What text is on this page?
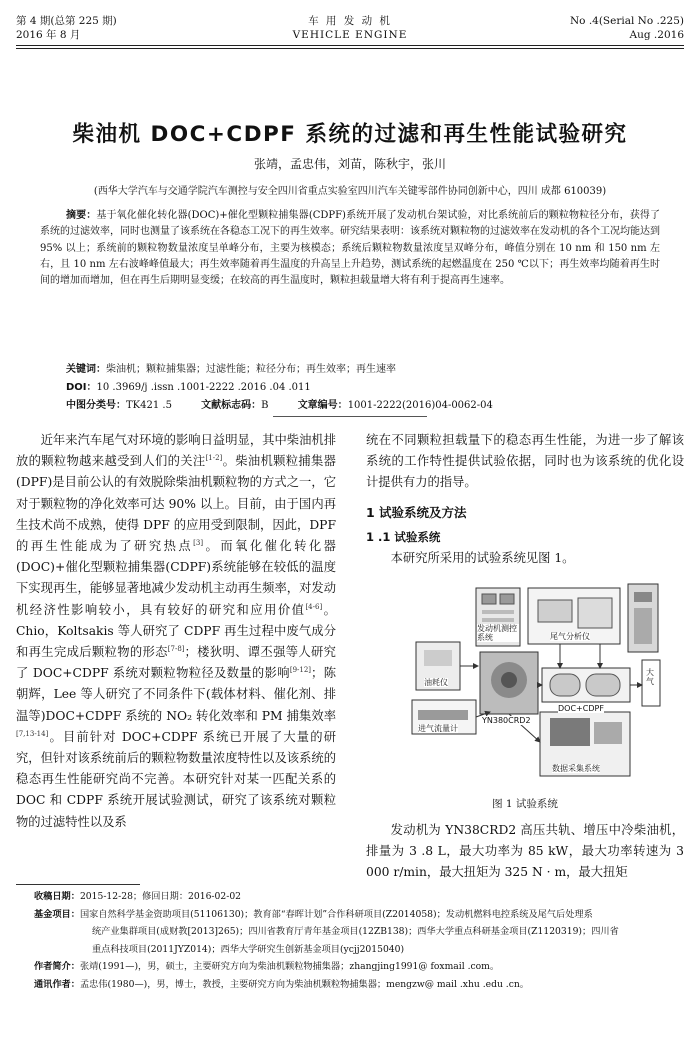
第 4 期(总第 225 期)
2016 年 8 月
车 用 发 动 机
VEHICLE ENGINE
No .4(Serial No .225)
Aug .2016
柴油机 DOC+CDPF 系统的过滤和再生性能试验研究
张靖，孟忠伟，刘苗，陈秋宇，张川
(西华大学汽车与交通学院汽车测控与安全四川省重点实验室四川汽车关键零部件协同创新中心，四川 成都 610039)
摘要：基于氧化催化转化器(DOC)+催化型颗粒捕集器(CDPF)系统开展了发动机台架试验，对比系统前后的颗粒物粒径分布，获得了系统的过滤效率，同时也测量了该系统在各稳态工况下的再生效率。研究结果表明：该系统对颗粒物的过滤效率在发动机的各个工况均能达到 95% 以上；系统前的颗粒物数量浓度呈单峰分布，主要为核模态；系统后颗粒物数量浓度呈双峰分布，峰值分别在 10 nm 和 150 nm 左右，且 10 nm 左右波峰峰值最大；再生效率随着再生温度的升高呈上升趋势，测试系统的起燃温度在 250 ℃以下；再生效率均随着再生时间的增加而增加，但在再生后期明显变缓；在较高的再生温度时，颗粒担载量增大将有利于提高再生速率。
关键词：柴油机；颗粒捕集器；过滤性能；粒径分布；再生效率；再生速率
DOI：10 .3969/j .issn .1001-2222 .2016 .04 .011
中图分类号：TK421 .5	文献标志码：B	文章编号：1001-2222(2016)04-0062-04

近年来汽车尾气对环境的影响日益明显，其中柴油机排放的颗粒物越来越受到人们的关注[1-2]。柴油机颗粒捕集器(DPF)是目前公认的有效脱除柴油机颗粒物的方式之一，它对于颗粒物的净化效率可达 90% 以上。目前，由于国内再生技术尚不成熟，使得 DPF 的应用受到限制，因此，DPF 的再生性能成为了研究热点[3]。而氧化催化转化器(DOC)+催化型颗粒捕集器(CDPF)系统能够在较低的温度下实现再生，能够显著地减少发动机主动再生频率，对发动机经济性影响较小，具有较好的研究和应用价值[4-6]。Chio，Koltsakis 等人研究了 CDPF 再生过程中废气成分和再生完成后颗粒物的形态[7-8]；楼狄明、谭丕强等人研究了 DOC+CDPF 系统对颗粒物粒径及数量的影响[9-12]；陈朝辉，Lee 等人研究了不同条件下(载体材料、催化剂、排温等)DOC+CDPF 系统的 NO₂ 转化效率和 PM 捕集效率[7,13-14]。目前针对 DOC+CDPF 系统已开展了大量的研究，但针对该系统前后的颗粒物数量浓度特性以及该系统的稳态再生性能研究尚不完善。本研究针对某一匹配关系的 DOC 和 CDPF 系统开展试验测试，研究了该系统对颗粒物的过滤特性以及系

统在不同颗粒担载量下的稳态再生性能，为进一步了解该系统的工作特性提供试验依据，同时也为该系统的优化设计提供有力的指导。
1 试验系统及方法
1 .1 试验系统

本研究所采用的试验系统见图 1。

发动机测控系统	尾气分析仪
油耗仪
YN380CRD2
进气流量计
DOC+CDPF
大气
数据采集系统
图 1 试验系统

发动机为 YN38CRD2 高压共轨、增压中冷柴油机，排量为 3 .8 L，最大功率为 85 kW，最大功率转速为 3 000 r/min，最大扭矩为 325 N · m，最大扭矩

收稿日期：2015-12-28；修回日期：2016-02-02
基金项目：国家自然科学基金资助项目(51106130)；教育部“春晖计划”合作科研项目(Z2014058)；发动机燃料电控系统及尾气后处理系
统产业集群项目(成财教[2013]265)；四川省教育厅青年基金项目(12ZB138)；西华大学重点科研基金项目(Z1120319)；四川省
重点科技项目(2011JYZ014)；西华大学研究生创新基金项目(ycjj2015040)
作者简介：张靖(1991—)，男，硕士，主要研究方向为柴油机颗粒物捕集器；zhangjing1991@ foxmail .com。
通讯作者：孟忠伟(1980—)，男，博士，教授，主要研究方向为柴油机颗粒物捕集器；mengzw@ mail .xhu .edu .cn。
